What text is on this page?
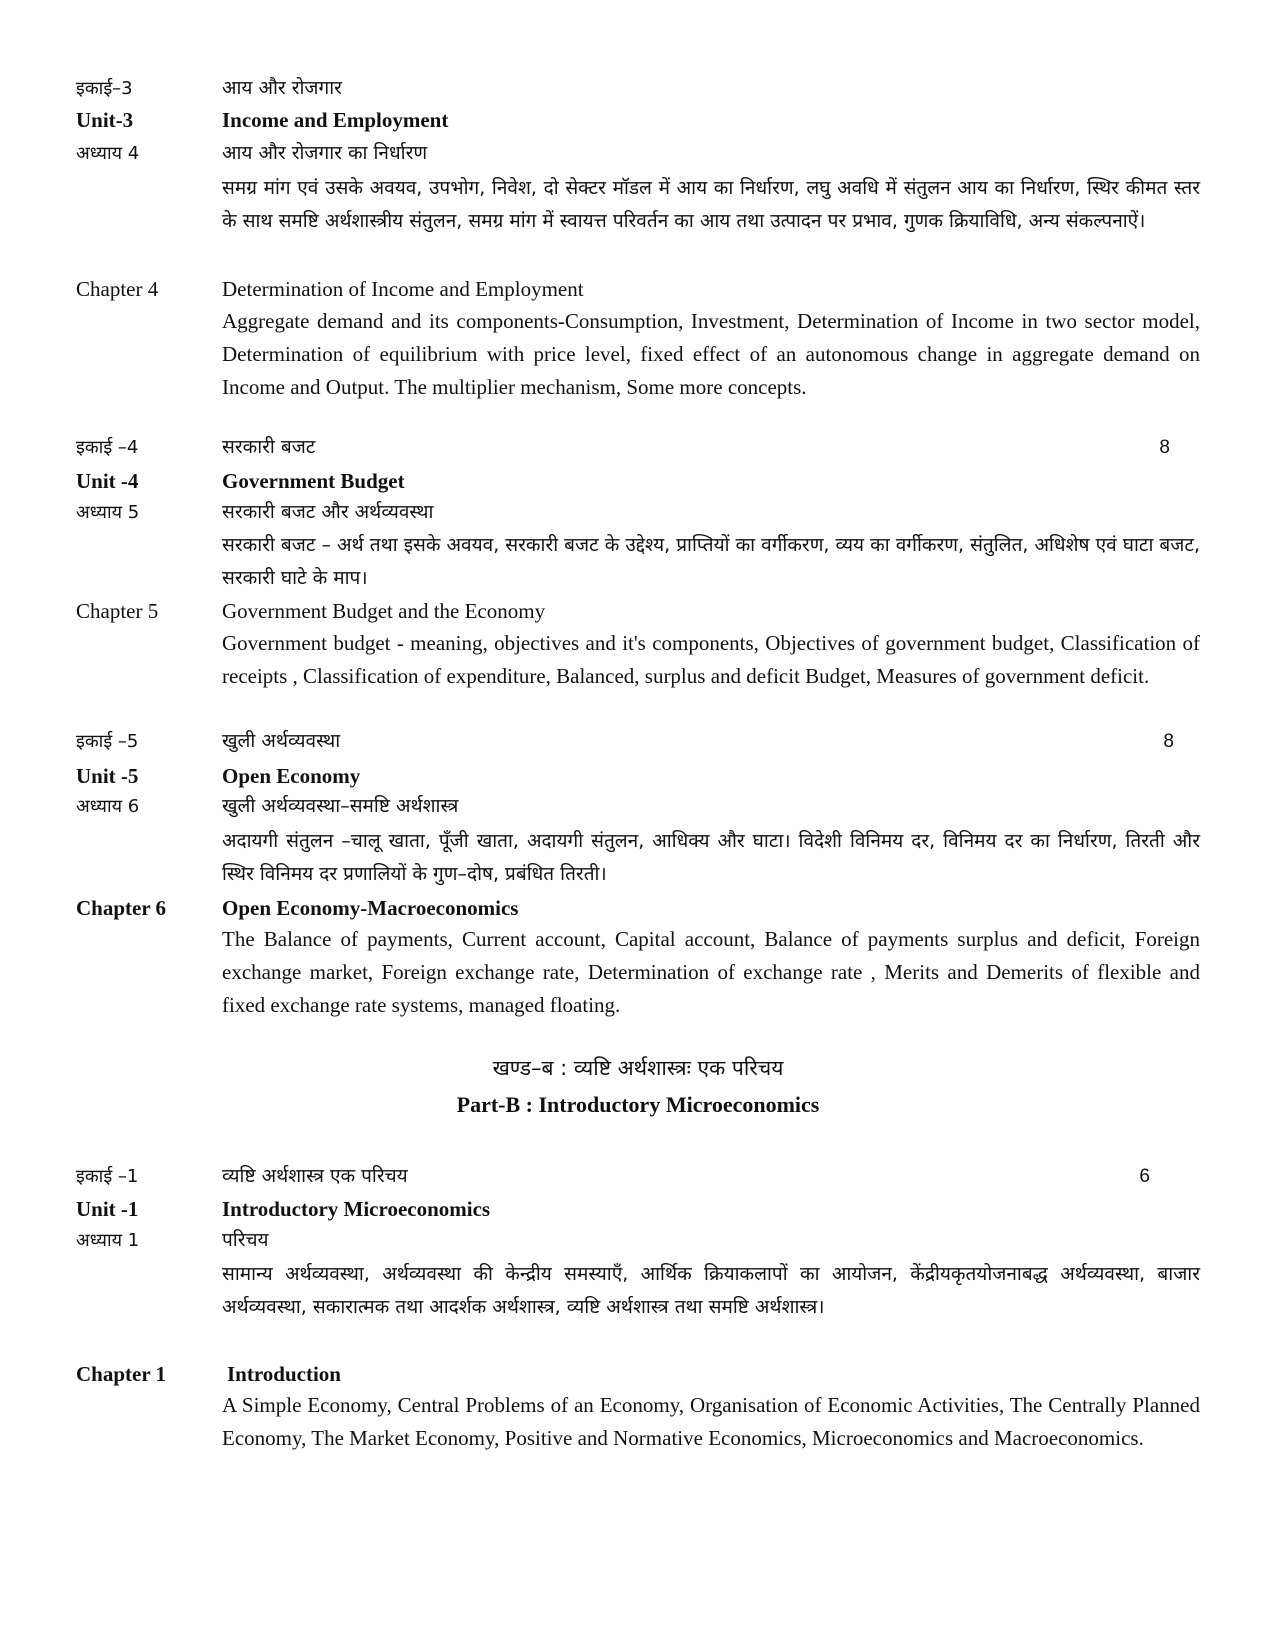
इकाई–3	आय और रोजगार
Unit-3	Income and Employment
अध्याय 4	आय और रोजगार का निर्धारण
समग्र मांग एवं उसके अवयव, उपभोग, निवेश, दो सेक्टर मॉडल में आय का निर्धारण, लघु अवधि में संतुलन आय का निर्धारण, स्थिर कीमत स्तर के साथ समष्टि अर्थशास्त्रीय संतुलन, समग्र मांग में स्वायत्त परिवर्तन का आय तथा उत्पादन पर प्रभाव, गुणक क्रियाविधि, अन्य संकल्पनाऐं।
Chapter 4	Determination of Income and Employment
Aggregate demand and its components-Consumption, Investment, Determination of Income in two sector model, Determination of equilibrium with price level, fixed effect of an autonomous change in aggregate demand on Income and Output. The multiplier mechanism, Some more concepts.
इकाई –4	सरकारी बजट	8
Unit -4	Government Budget
अध्याय 5	सरकारी बजट और अर्थव्यवस्था
सरकारी बजट – अर्थ तथा इसके अवयव, सरकारी बजट के उद्देश्य, प्राप्तियों का वर्गीकरण, व्यय का वर्गीकरण, संतुलित, अधिशेष एवं घाटा बजट, सरकारी घाटे के माप।
Chapter 5	Government Budget and the Economy
Government budget - meaning, objectives and it's components, Objectives of government budget, Classification of receipts , Classification of expenditure, Balanced, surplus and deficit Budget, Measures of government deficit.
इकाई –5	खुली अर्थव्यवस्था	8
Unit -5	Open Economy
अध्याय 6	खुली अर्थव्यवस्था–समष्टि अर्थशास्त्र
अदायगी संतुलन –चालू खाता, पूँजी खाता, अदायगी संतुलन, आधिक्य और घाटा। विदेशी विनिमय दर, विनिमय दर का निर्धारण, तिरती और स्थिर विनिमय दर प्रणालियों के गुण–दोष, प्रबंधित तिरती।
Chapter 6	Open Economy-Macroeconomics
The Balance of payments, Current account, Capital account, Balance of payments surplus and deficit, Foreign exchange market, Foreign exchange rate, Determination of exchange rate , Merits and Demerits of flexible and fixed exchange rate systems, managed floating.
खण्ड–ब : व्यष्टि अर्थशास्त्रः एक परिचय
Part-B : Introductory Microeconomics
इकाई –1	व्यष्टि अर्थशास्त्र एक परिचय	6
Unit -1	Introductory Microeconomics
अध्याय 1	परिचय
सामान्य अर्थव्यवस्था, अर्थव्यवस्था की केन्द्रीय समस्याएँ, आर्थिक क्रियाकलापों का आयोजन, केंद्रीयकृतयोजनाबद्ध अर्थव्यवस्था, बाजार अर्थव्यवस्था, सकारात्मक तथा आदर्शक अर्थशास्त्र, व्यष्टि अर्थशास्त्र तथा समष्टि अर्थशास्त्र।
Chapter 1	Introduction
A Simple Economy, Central Problems of an Economy, Organisation of Economic Activities, The Centrally Planned Economy, The Market Economy, Positive and Normative Economics, Microeconomics and Macroeconomics.
